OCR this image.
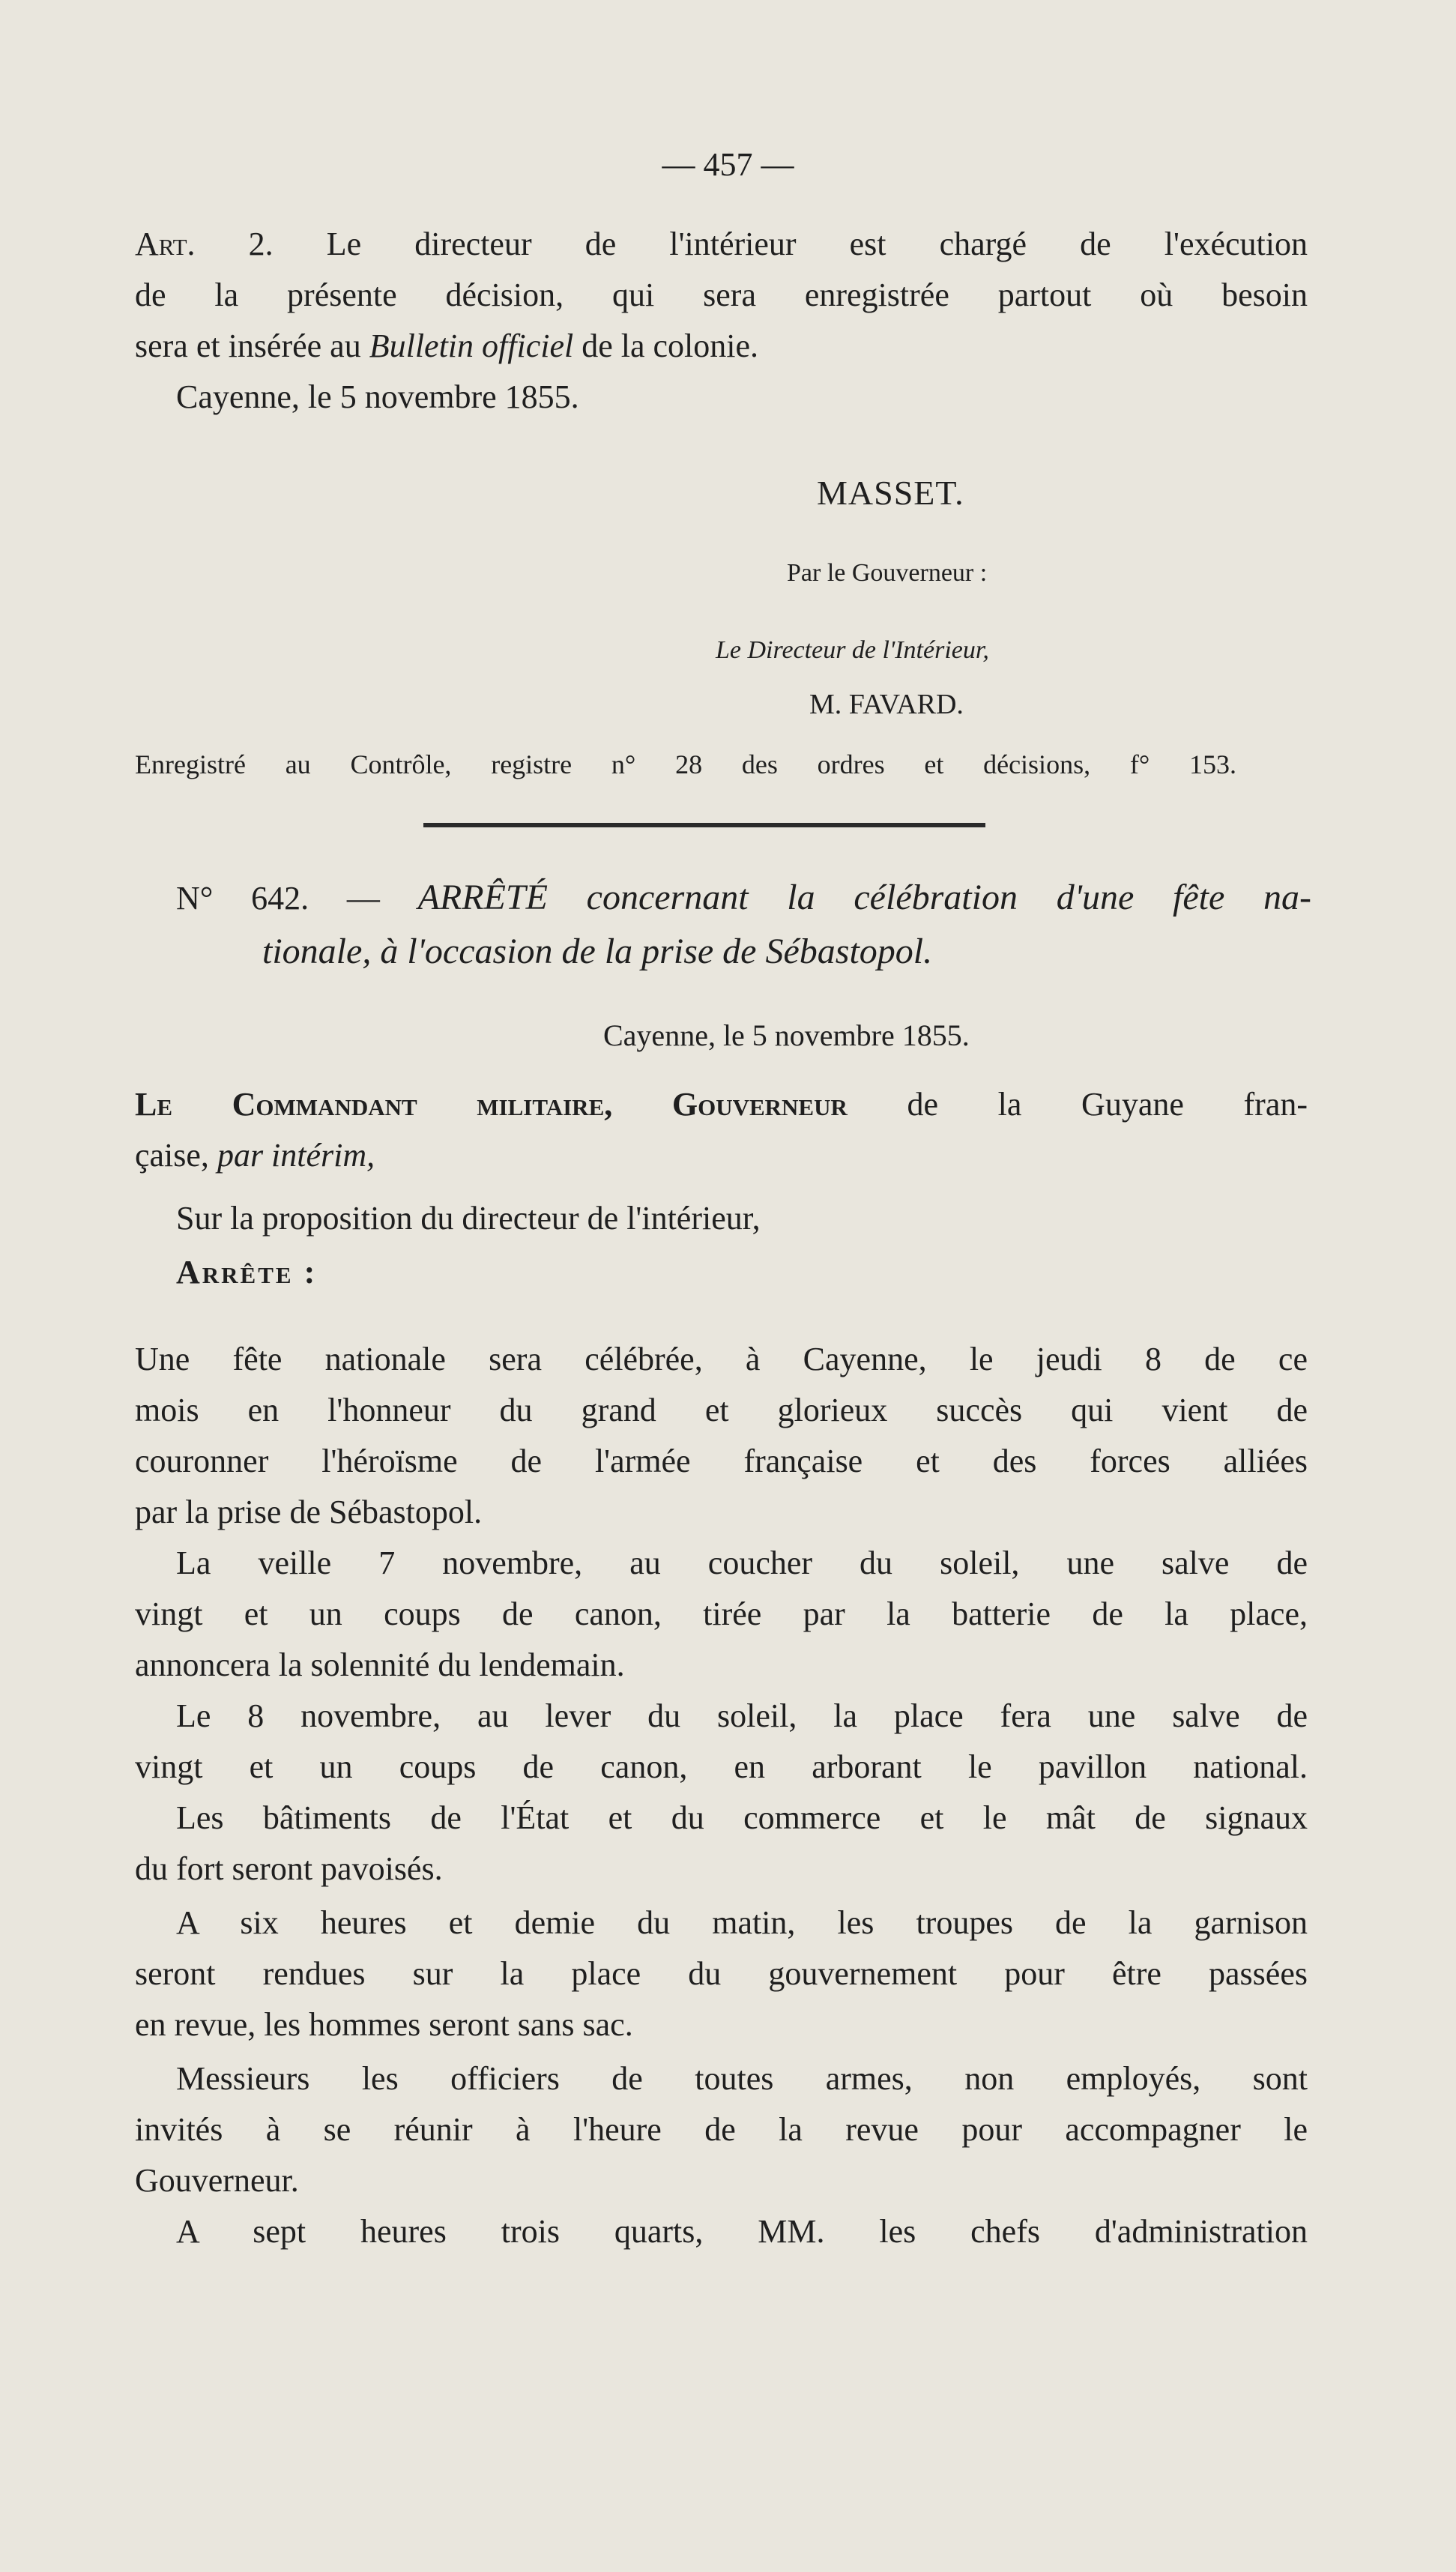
— 457 —
Art. 2. Le directeur de l'intérieur est chargé de l'exécution
de la présente décision, qui sera enregistrée partout où besoin
sera et insérée au Bulletin officiel de la colonie.
Cayenne, le 5 novembre 1855.
MASSET.
Par le Gouverneur :
Le Directeur de l'Intérieur,
M. FAVARD.
Enregistré au Contrôle, registre n° 28 des ordres et décisions, f° 153.
N° 642. — ARRÊTÉ concernant la célébration d'une fête na-
tionale, à l'occasion de la prise de Sébastopol.
Cayenne, le 5 novembre 1855.
Le Commandant militaire, Gouverneur de la Guyane fran-
çaise, par intérim,
Sur la proposition du directeur de l'intérieur,
Arrête :
Une fête nationale sera célébrée, à Cayenne, le jeudi 8 de ce
mois en l'honneur du grand et glorieux succès qui vient de
couronner l'héroïsme de l'armée française et des forces alliées
par la prise de Sébastopol.
La veille 7 novembre, au coucher du soleil, une salve de
vingt et un coups de canon, tirée par la batterie de la place,
annoncera la solennité du lendemain.
Le 8 novembre, au lever du soleil, la place fera une salve de
vingt et un coups de canon, en arborant le pavillon national.
Les bâtiments de l'État et du commerce et le mât de signaux
du fort seront pavoisés.
A six heures et demie du matin, les troupes de la garnison
seront rendues sur la place du gouvernement pour être passées
en revue, les hommes seront sans sac.
Messieurs les officiers de toutes armes, non employés, sont
invités à se réunir à l'heure de la revue pour accompagner le
Gouverneur.
A sept heures trois quarts, MM. les chefs d'administration
